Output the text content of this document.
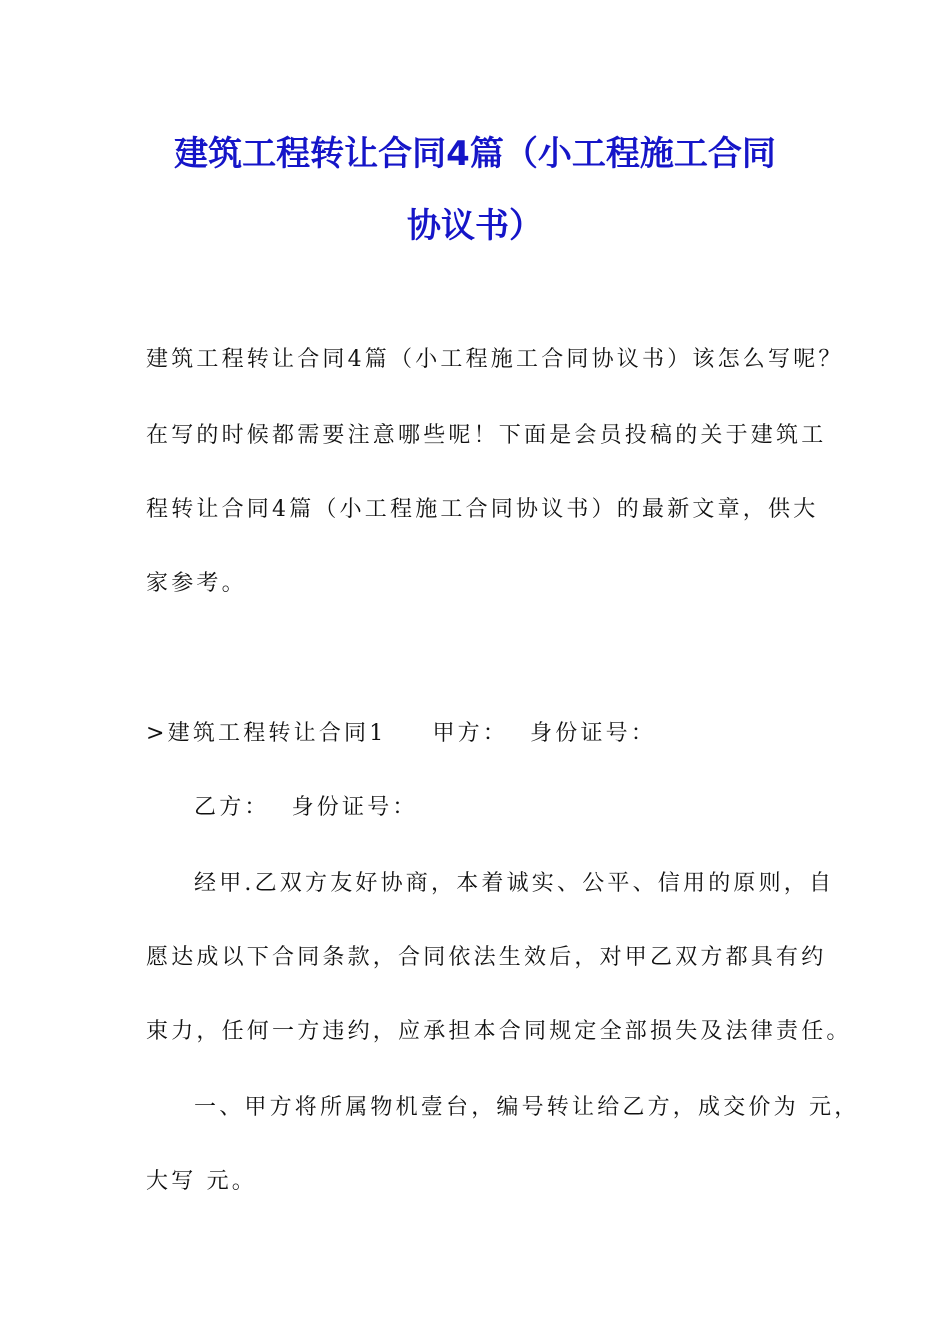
建筑工程转让合同4篇（小工程施工合同
协议书）
建筑工程转让合同4篇（小工程施工合同协议书）该怎么写呢？
在写的时候都需要注意哪些呢！下面是会员投稿的关于建筑工
程转让合同4篇（小工程施工合同协议书）的最新文章，供大
家参考。
>建筑工程转让合同1 甲方： 身份证号：
乙方： 身份证号：
经甲.乙双方友好协商，本着诚实、公平、信用的原则，自
愿达成以下合同条款，合同依法生效后，对甲乙双方都具有约
束力，任何一方违约，应承担本合同规定全部损失及法律责任。
一、甲方将所属物机壹台，编号转让给乙方，成交价为 元，
大写 元。
